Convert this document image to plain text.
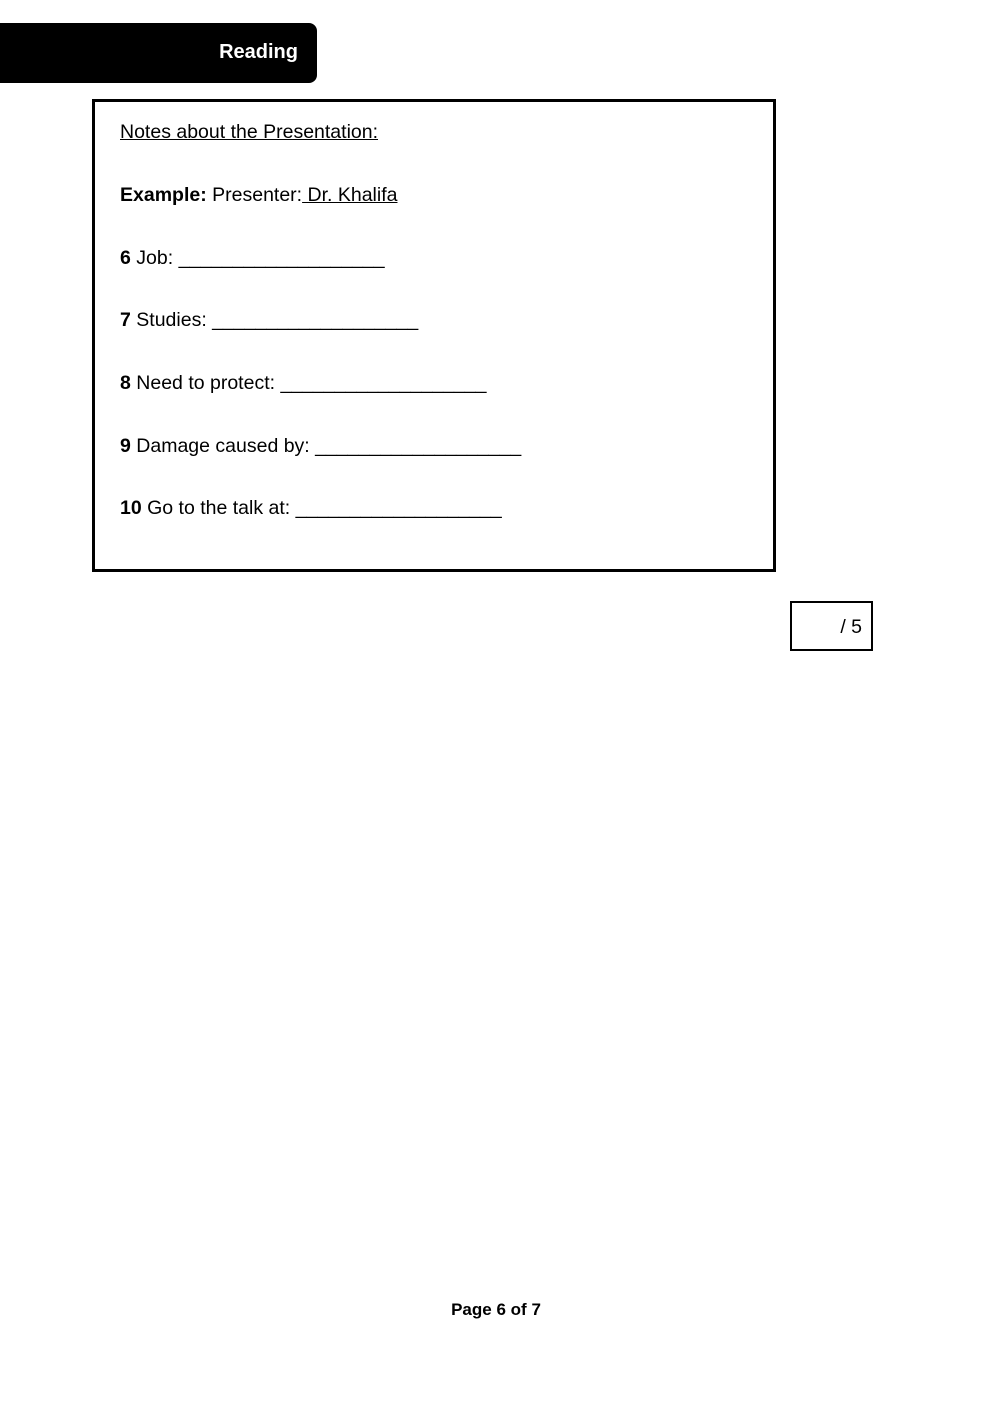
Reading
Notes about the Presentation:
Example: Presenter: Dr. Khalifa
6 Job: ___________________
7 Studies: ___________________
8 Need to protect: ___________________
9 Damage caused by: ___________________
10 Go to the talk at: ___________________
/ 5
Page 6 of 7
